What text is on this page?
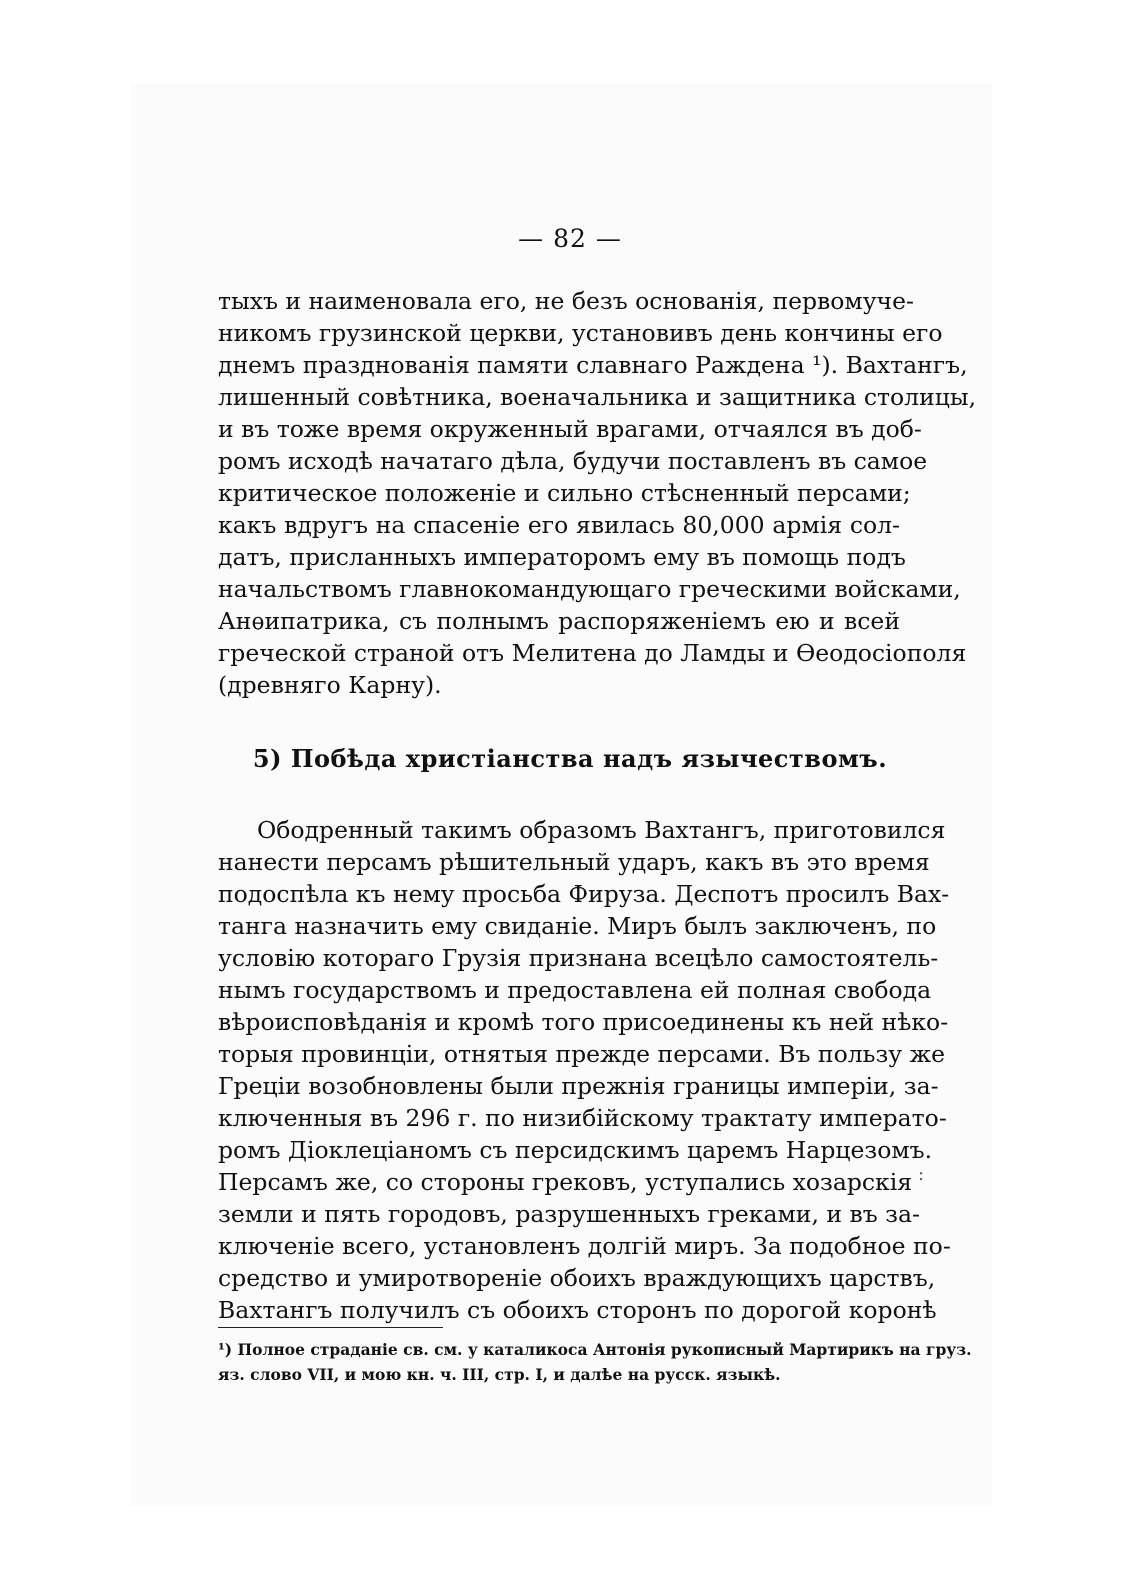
— 82 —
тыхъ и наименовала его, не безъ основанія, первомуче-
никомъ грузинской церкви, установивъ день кончины его
днемъ празднованія памяти славнаго Раждена ¹). Вахтангъ,
лишенный совѣтника, военачальника и защитника столицы,
и въ тоже время окруженный врагами, отчаялся въ доб-
ромъ исходѣ начатаго дѣла, будучи поставленъ въ самое
критическое положеніе и сильно стѣсненный персами;
какъ вдругъ на спасеніе его явилась 80,000 армія сол-
датъ, присланныхъ императоромъ ему въ помощь подъ
начальствомъ главнокомандующаго греческими войсками,
Анѳипатрика, съ полнымъ распоряженіемъ ею и всей
греческой страной отъ Мелитена до Ламды и Ѳеодосіополя
(древняго Карну).
5) Побѣда христіанства надъ язычествомъ.
Ободренный такимъ образомъ Вахтангъ, приготовился
нанести персамъ рѣшительный ударъ, какъ въ это время
подоспѣла къ нему просьба Фируза. Деспотъ просилъ Вах-
танга назначить ему свиданіе. Миръ былъ заключенъ, по
условію котораго Грузія признана всецѣло самостоятель-
нымъ государствомъ и предоставлена ей полная свобода
вѣроисповѣданія и кромѣ того присоединены къ ней нѣко-
торыя провинціи, отнятыя прежде персами. Въ пользу же
Греціи возобновлены были прежнія границы имперіи, за-
ключенныя въ 296 г. по низибійскому трактату императо-
ромъ Діоклеціаномъ съ персидскимъ царемъ Нарцезомъ.
Персамъ же, со стороны грековъ, уступались хозарскія
земли и пять городовъ, разрушенныхъ греками, и въ за-
ключеніе всего, установленъ долгій миръ. За подобное по-
средство и умиротвореніе обоихъ враждующихъ царствъ,
Вахтангъ получилъ съ обоихъ сторонъ по дорогой коронѣ
:
¹) Полное страданіе св. см. у каталикоса Антонія рукописный Мартирикъ на груз.
яз. слово VII, и мою кн. ч. III, стр. I, и далѣе на русск. языкѣ.
